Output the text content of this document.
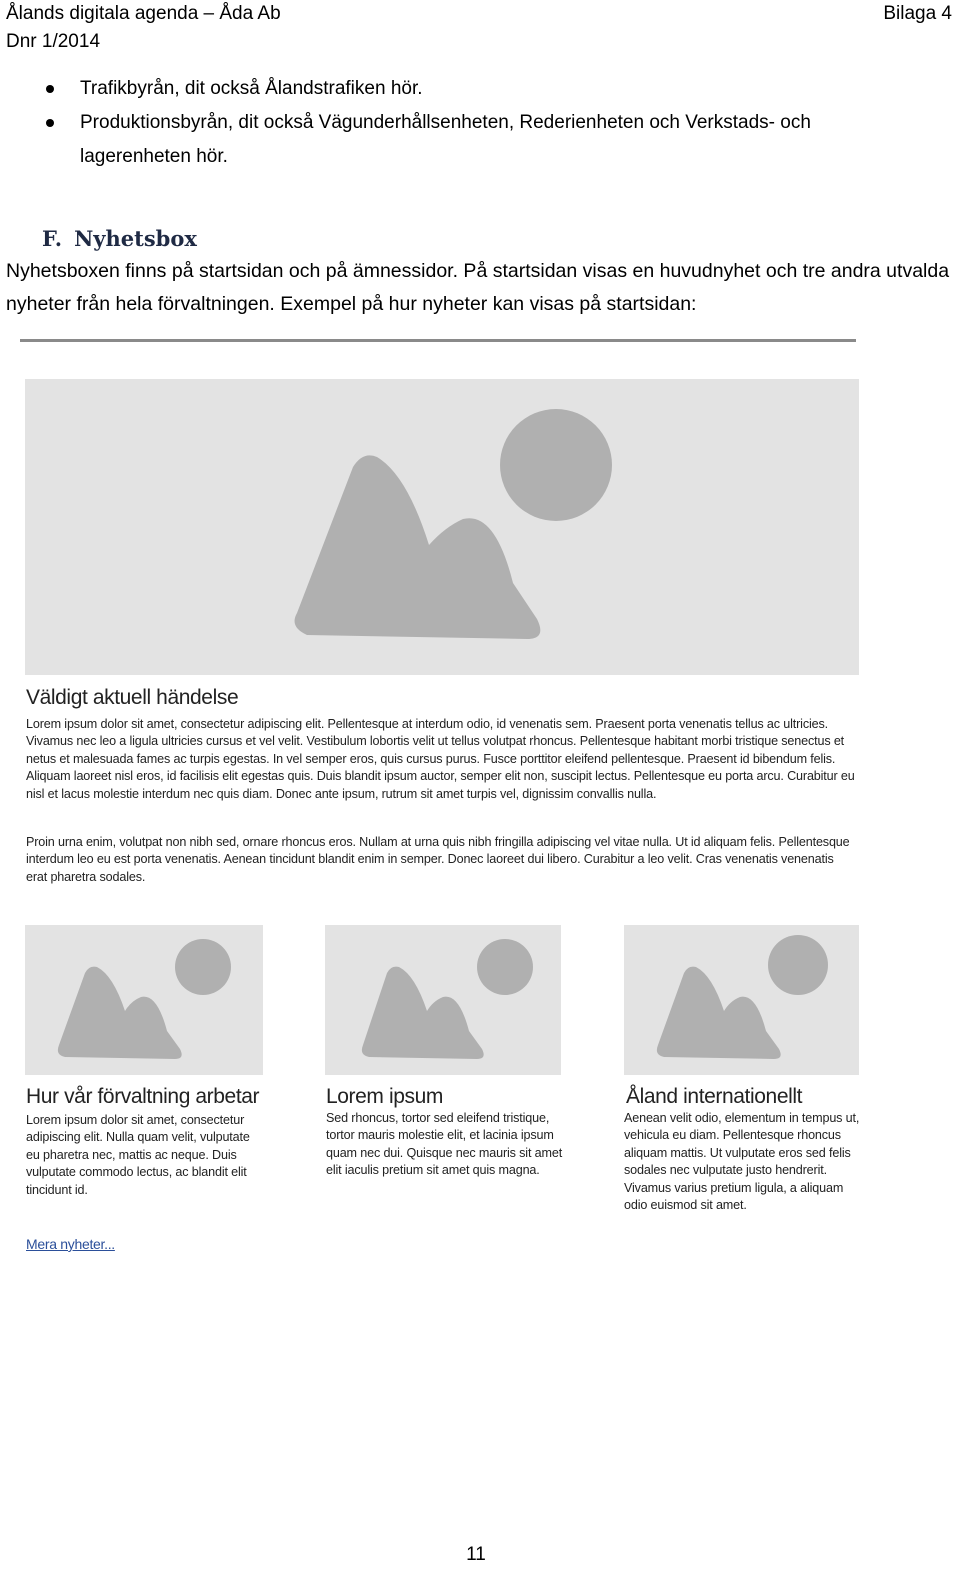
Ålands digitala agenda – Åda Ab
Dnr 1/2014
Bilaga 4
Trafikbyrån, dit också Ålandstrafiken hör.
Produktionsbyrån, dit också Vägunderhållsenheten, Rederienheten och Verkstads- och lagerenheten hör.
F. Nyhetsbox

Nyhetsboxen finns på startsidan och på ämnessidor. På startsidan visas en huvudnyhet och tre andra utvalda nyheter från hela förvaltningen. Exempel på hur nyheter kan visas på startsidan:

Väldigt aktuell händelse

Lorem ipsum dolor sit amet, consectetur adipiscing elit. Pellentesque at interdum odio, id venenatis sem. Praesent porta venenatis tellus ac ultricies. Vivamus nec leo a ligula ultricies cursus et vel velit. Vestibulum lobortis velit ut tellus volutpat rhoncus. Pellentesque habitant morbi tristique senectus et netus et malesuada fames ac turpis egestas. In vel semper eros, quis cursus purus. Fusce porttitor eleifend pellentesque. Praesent id bibendum felis. Aliquam laoreet nisl eros, id facilisis elit egestas quis. Duis blandit ipsum auctor, semper elit non, suscipit lectus. Pellentesque eu porta arcu. Curabitur eu nisl et lacus molestie interdum nec quis diam. Donec ante ipsum, rutrum sit amet turpis vel, dignissim convallis nulla.

Proin urna enim, volutpat non nibh sed, ornare rhoncus eros. Nullam at urna quis nibh fringilla adipiscing vel vitae nulla. Ut id aliquam felis. Pellentesque interdum leo eu est porta venenatis. Aenean tincidunt blandit enim in semper. Donec laoreet dui libero. Curabitur a leo velit. Cras venenatis venenatis erat pharetra sodales.

Hur vår förvaltning arbetar

Lorem ipsum dolor sit amet, consectetur adipiscing elit. Nulla quam velit, vulputate eu pharetra nec, mattis ac neque. Duis vulputate commodo lectus, ac blandit elit tincidunt id.

Lorem ipsum

Sed rhoncus, tortor sed eleifend tristique, tortor mauris molestie elit, et lacinia ipsum quam nec dui. Quisque nec mauris sit amet elit iaculis pretium sit amet quis magna.

Åland internationellt

Aenean velit odio, elementum in tempus ut, vehicula eu diam. Pellentesque rhoncus aliquam mattis. Ut vulputate eros sed felis sodales nec vulputate justo hendrerit. Vivamus varius pretium ligula, a aliquam odio euismod sit amet.

Mera nyheter...
11
